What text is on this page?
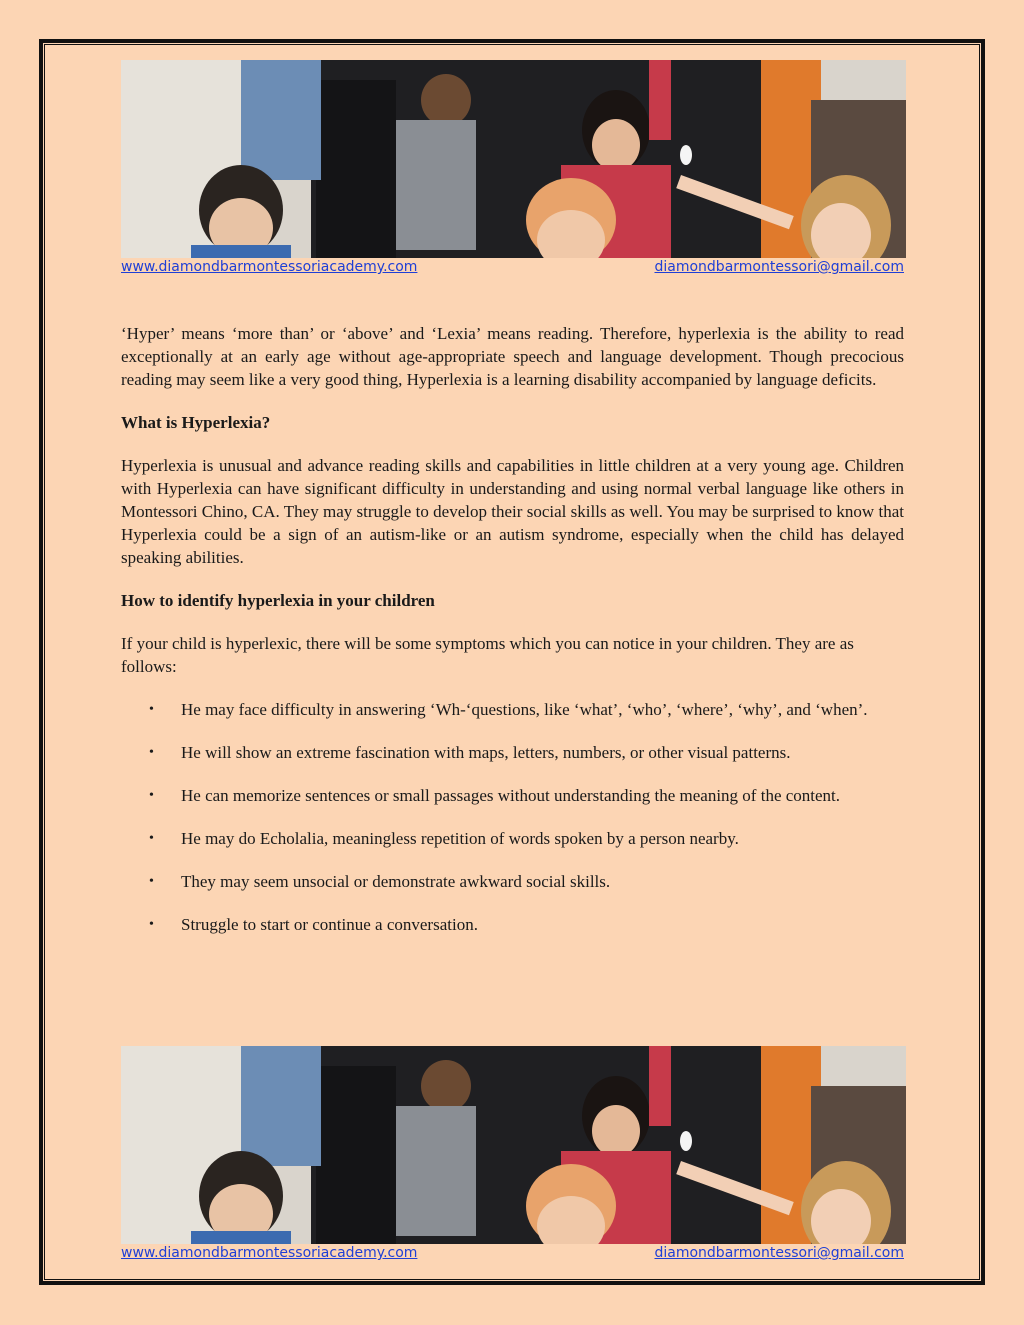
www.diamondbarmontessoriacademy.com	diamondbarmontessori@gmail.com

‘Hyper’ means ‘more than’ or ‘above’ and ‘Lexia’ means reading. Therefore, hyperlexia is the ability to read exceptionally at an early age without age-appropriate speech and language development. Though precocious reading may seem like a very good thing, Hyperlexia is a learning disability accompanied by language deficits.

What is Hyperlexia?

Hyperlexia is unusual and advance reading skills and capabilities in little children at a very young age. Children with Hyperlexia can have significant difficulty in understanding and using normal verbal language like others in Montessori Chino, CA. They may struggle to develop their social skills as well. You may be surprised to know that Hyperlexia could be a sign of an autism-like or an autism syndrome, especially when the child has delayed speaking abilities.

How to identify hyperlexia in your children

If your child is hyperlexic, there will be some symptoms which you can notice in your children. They are as follows:

• He may face difficulty in answering ‘Wh-‘questions, like ‘what’, ‘who’, ‘where’, ‘why’, and ‘when’.
• He will show an extreme fascination with maps, letters, numbers, or other visual patterns.
• He can memorize sentences or small passages without understanding the meaning of the content.
• He may do Echolalia, meaningless repetition of words spoken by a person nearby.
• They may seem unsocial or demonstrate awkward social skills.
• Struggle to start or continue a conversation.
www.diamondbarmontessoriacademy.com	diamondbarmontessori@gmail.com
